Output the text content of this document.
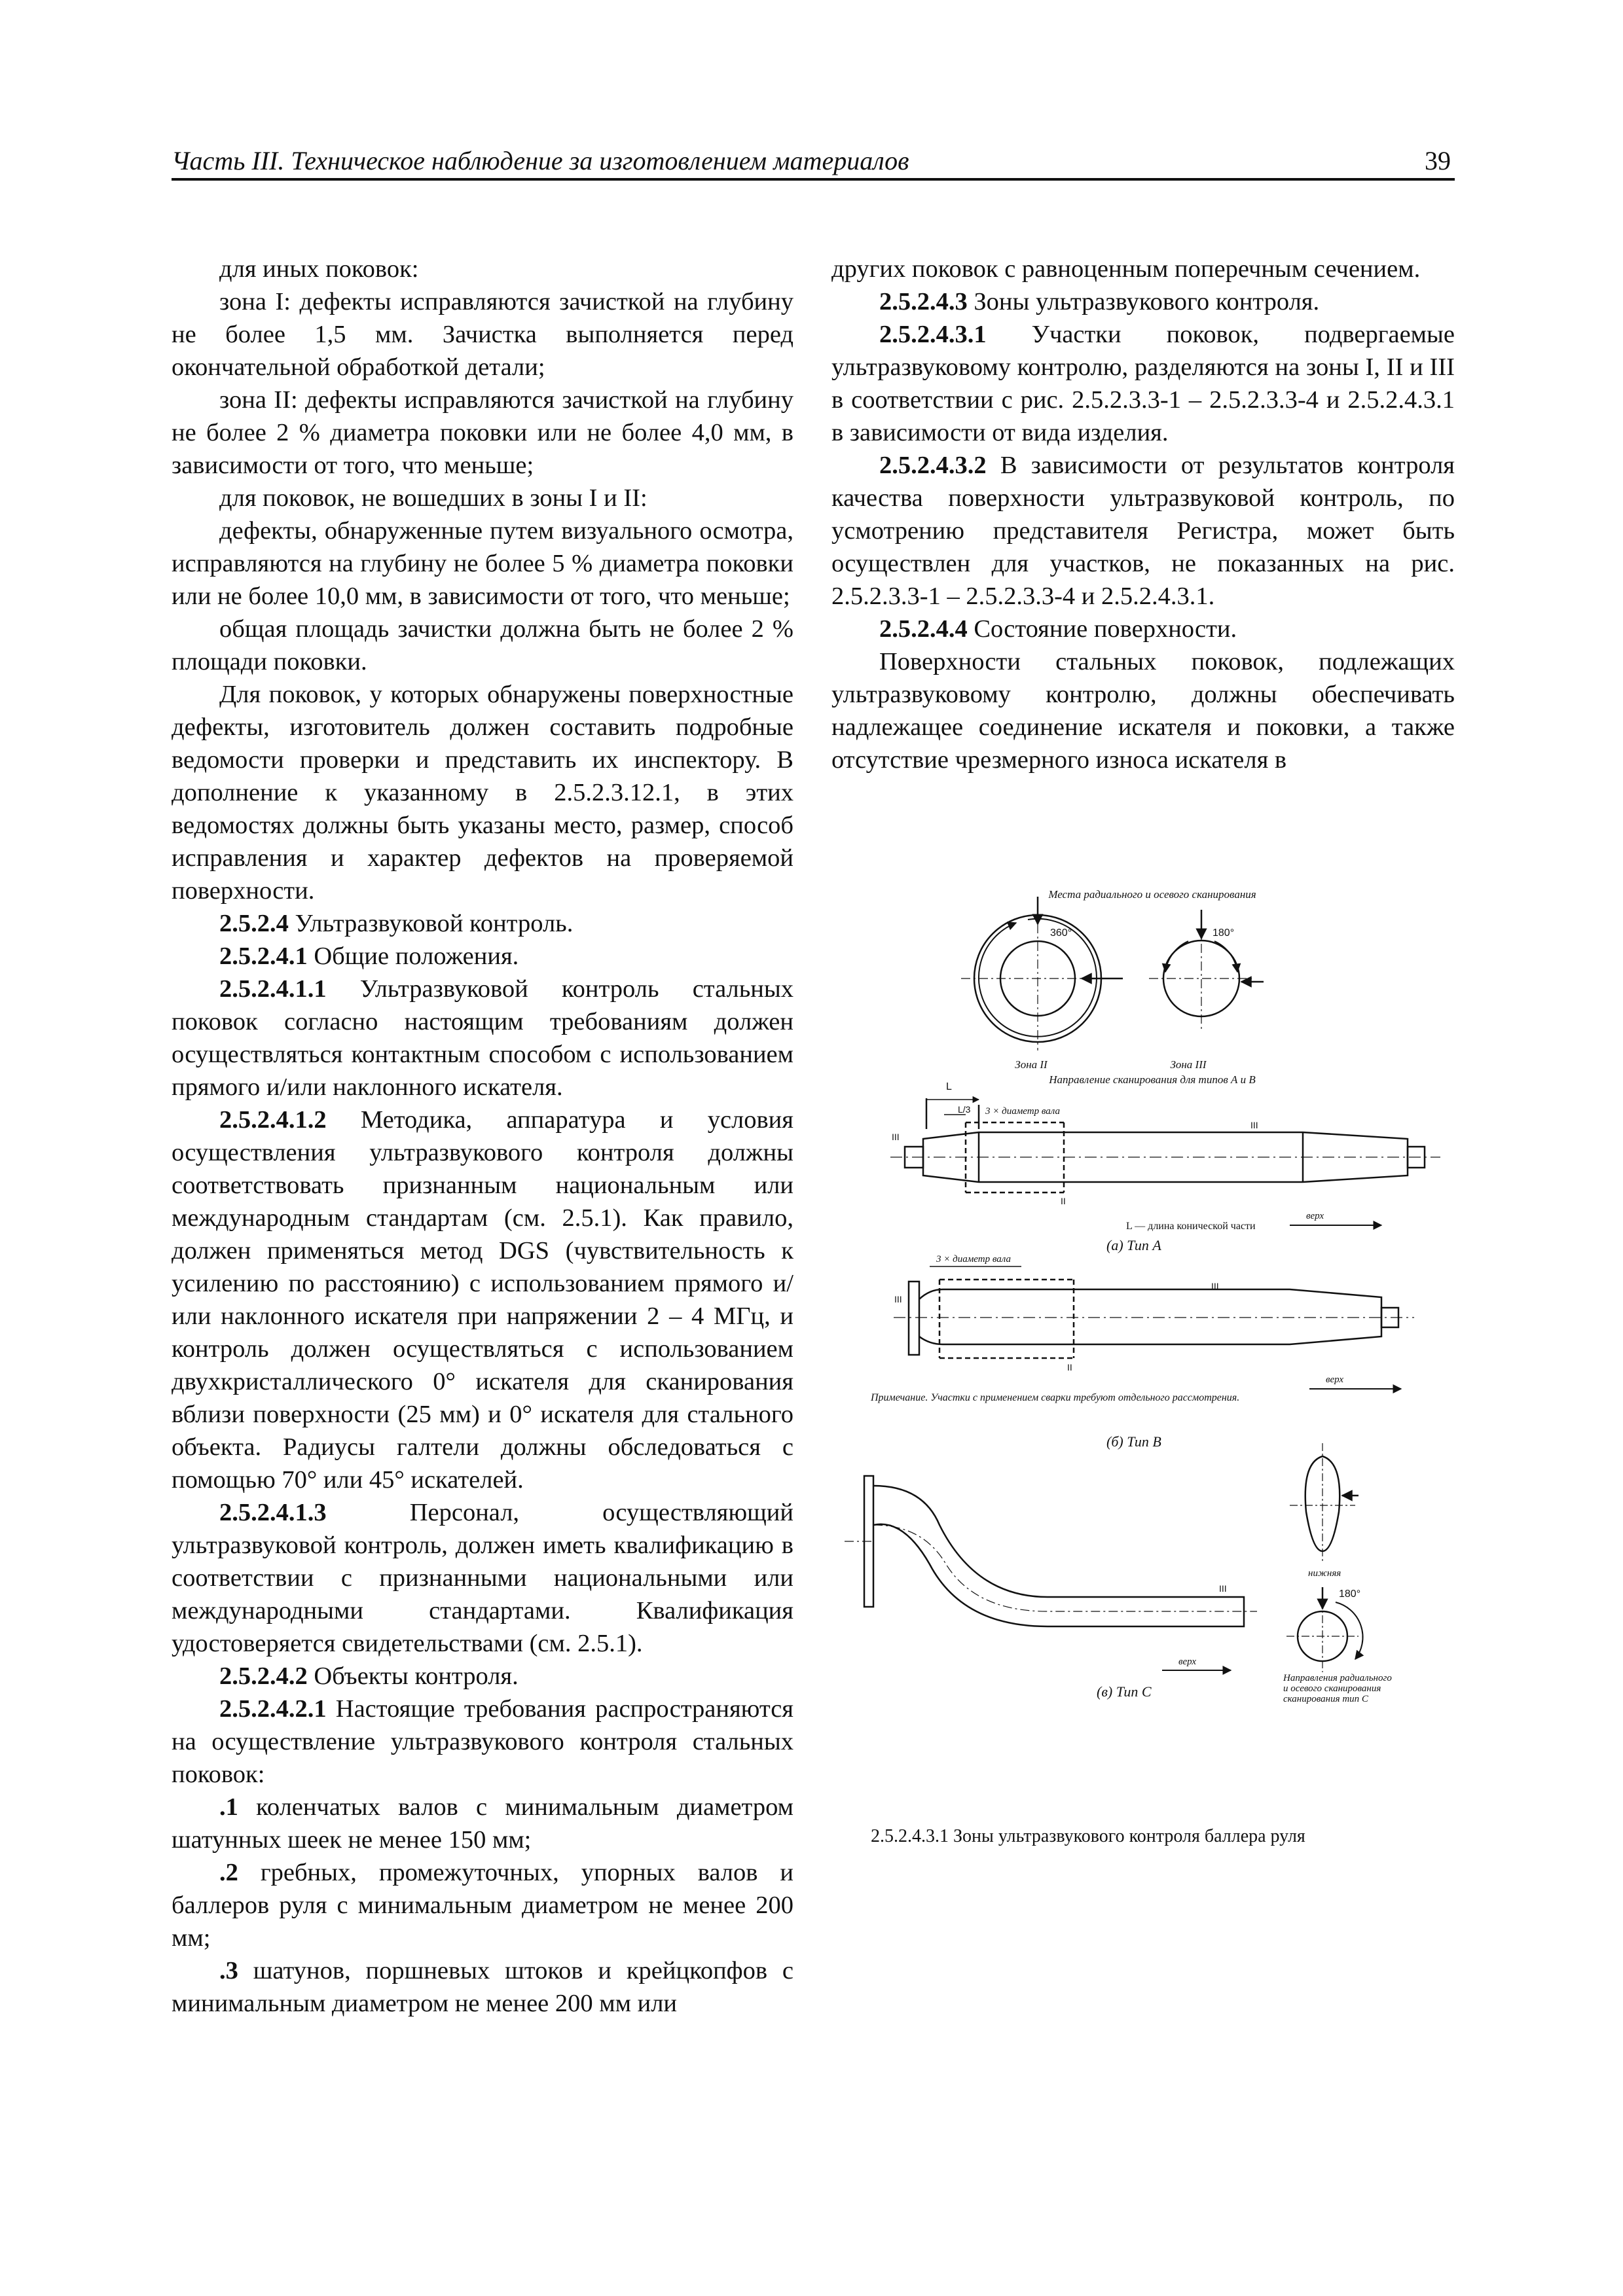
Часть III. Техническое наблюдение за изготовлением материалов	39

для иных поковок:

зона I: дефекты исправляются зачисткой на глубину не более 1,5 мм. Зачистка выполняется перед окончательной обработкой детали;

зона II: дефекты исправляются зачисткой на глубину не более 2 % диаметра поковки или не более 4,0 мм, в зависимости от того, что меньше;

для поковок, не вошедших в зоны I и II:

дефекты, обнаруженные путем визуального осмотра, исправляются на глубину не более 5 % диаметра поковки или не более 10,0 мм, в зависимости от того, что меньше;

общая площадь зачистки должна быть не более 2 % площади поковки.

Для поковок, у которых обнаружены поверхностные дефекты, изготовитель должен составить подробные ведомости проверки и представить их инспектору. В дополнение к указанному в 2.5.2.3.12.1, в этих ведомостях должны быть указаны место, размер, способ исправления и характер дефектов на проверяемой поверхности.

2.5.2.4 Ультразвуковой контроль.

2.5.2.4.1 Общие положения.

2.5.2.4.1.1 Ультразвуковой контроль стальных поковок согласно настоящим требованиям должен осуществляться контактным способом с использованием прямого и/или наклонного искателя.

2.5.2.4.1.2 Методика, аппаратура и условия осуществления ультразвукового контроля должны соответствовать признанным национальным или международным стандартам (см. 2.5.1). Как правило, должен применяться метод DGS (чувствительность к усилению по расстоянию) с использованием прямого и/или наклонного искателя при напряжении 2 – 4 МГц, и контроль должен осуществляться с использованием двухкристаллического 0° искателя для сканирования вблизи поверхности (25 мм) и 0° искателя для стального объекта. Радиусы галтели должны обследоваться с помощью 70° или 45° искателей.

2.5.2.4.1.3 Персонал, осуществляющий ультразвуковой контроль, должен иметь квалификацию в соответствии с признанными национальными или международными стандартами. Квалификация удостоверяется свидетельствами (см. 2.5.1).

2.5.2.4.2 Объекты контроля.

2.5.2.4.2.1 Настоящие требования распространяются на осуществление ультразвукового контроля стальных поковок:

.1 коленчатых валов с минимальным диаметром шатунных шеек не менее 150 мм;

.2 гребных, промежуточных, упорных валов и баллеров руля с минимальным диаметром не менее 200 мм;

.3 шатунов, поршневых штоков и крейцкопфов с минимальным диаметром не менее 200 мм или

других поковок с равноценным поперечным сечением.

2.5.2.4.3 Зоны ультразвукового контроля.

2.5.2.4.3.1 Участки поковок, подвергаемые ультразвуковому контролю, разделяются на зоны I, II и III в соответствии с рис. 2.5.2.3.3-1 – 2.5.2.3.3-4 и 2.5.2.4.3.1 в зависимости от вида изделия.

2.5.2.4.3.2 В зависимости от результатов контроля качества поверхности ультразвуковой контроль, по усмотрению представителя Регистра, может быть осуществлен для участков, не показанных на рис. 2.5.2.3.3-1 – 2.5.2.3.3-4 и 2.5.2.4.3.1.

2.5.2.4.4 Состояние поверхности.

Поверхности стальных поковок, подлежащих ультразвуковому контролю, должны обеспечивать надлежащее соединение искателя и поковки, а также отсутствие чрезмерного износа искателя в

Места радиального и осевого сканирования
360°	180°
Зона II	Зона III
Направление сканирования для типов А и В
L
L/3 3 × диаметр вала
III
III
II
L — длина конической части
верх
(а) Тип А
3 × диаметр вала
III
III
II
верх
Примечание. Участки с применением сварки требуют отдельного рассмотрения.
(б) Тип В
III
верх
(в) Тип С
нижняя
180°
Направления радиального
и осевого сканирования
сканирования тип С
2.5.2.4.3.1 Зоны ультразвукового контроля баллера руля
